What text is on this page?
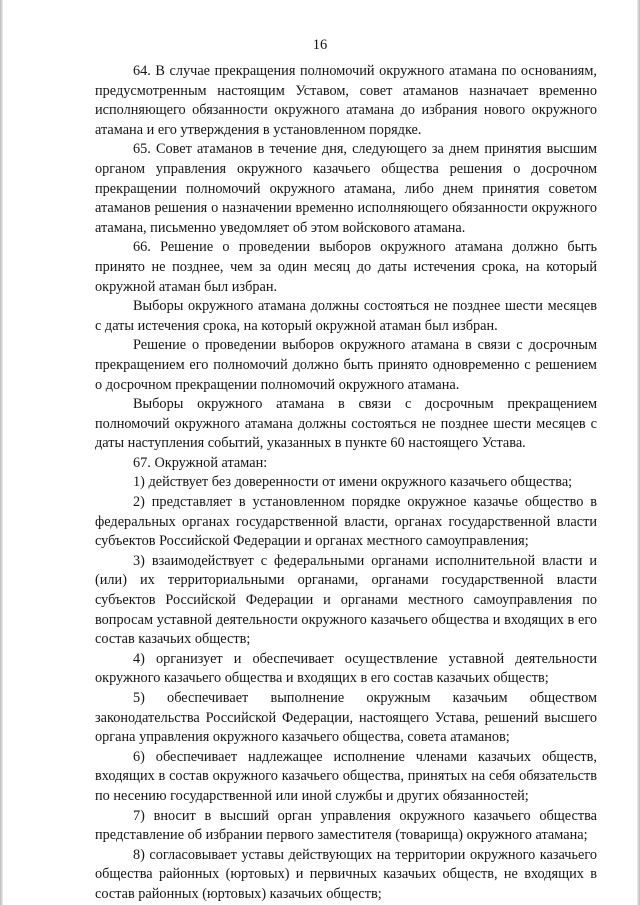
16

64. В случае прекращения полномочий окружного атамана по основаниям, предусмотренным настоящим Уставом, совет атаманов назначает временно исполняющего обязанности окружного атамана до избрания нового окружного атамана и его утверждения в установленном порядке.

65. Совет атаманов в течение дня, следующего за днем принятия высшим органом управления окружного казачьего общества решения о досрочном прекращении полномочий окружного атамана, либо днем принятия советом атаманов решения о назначении временно исполняющего обязанности окружного атамана, письменно уведомляет об этом войскового атамана.

66. Решение о проведении выборов окружного атамана должно быть принято не позднее, чем за один месяц до даты истечения срока, на который окружной атаман был избран.

Выборы окружного атамана должны состояться не позднее шести месяцев с даты истечения срока, на который окружной атаман был избран.

Решение о проведении выборов окружного атамана в связи с досрочным прекращением его полномочий должно быть принято одновременно с решением о досрочном прекращении полномочий окружного атамана.

Выборы окружного атамана в связи с досрочным прекращением полномочий окружного атамана должны состояться не позднее шести месяцев с даты наступления событий, указанных в пункте 60 настоящего Устава.

67. Окружной атаман:

1) действует без доверенности от имени окружного казачьего общества;

2) представляет в установленном порядке окружное казачье общество в федеральных органах государственной власти, органах государственной власти субъектов Российской Федерации и органах местного самоуправления;

3) взаимодействует с федеральными органами исполнительной власти и (или) их территориальными органами, органами государственной власти субъектов Российской Федерации и органами местного самоуправления по вопросам уставной деятельности окружного казачьего общества и входящих в его состав казачьих обществ;

4) организует и обеспечивает осуществление уставной деятельности окружного казачьего общества и входящих в его состав казачьих обществ;

5) обеспечивает выполнение окружным казачьим обществом законодательства Российской Федерации, настоящего Устава, решений высшего органа управления окружного казачьего общества, совета атаманов;

6) обеспечивает надлежащее исполнение членами казачьих обществ, входящих в состав окружного казачьего общества, принятых на себя обязательств по несению государственной или иной службы и других обязанностей;

7) вносит в высший орган управления окружного казачьего общества представление об избрании первого заместителя (товарища) окружного атамана;

8) согласовывает уставы действующих на территории окружного казачьего общества районных (юртовых) и первичных казачьих обществ, не входящих в состав районных (юртовых) казачьих обществ;
